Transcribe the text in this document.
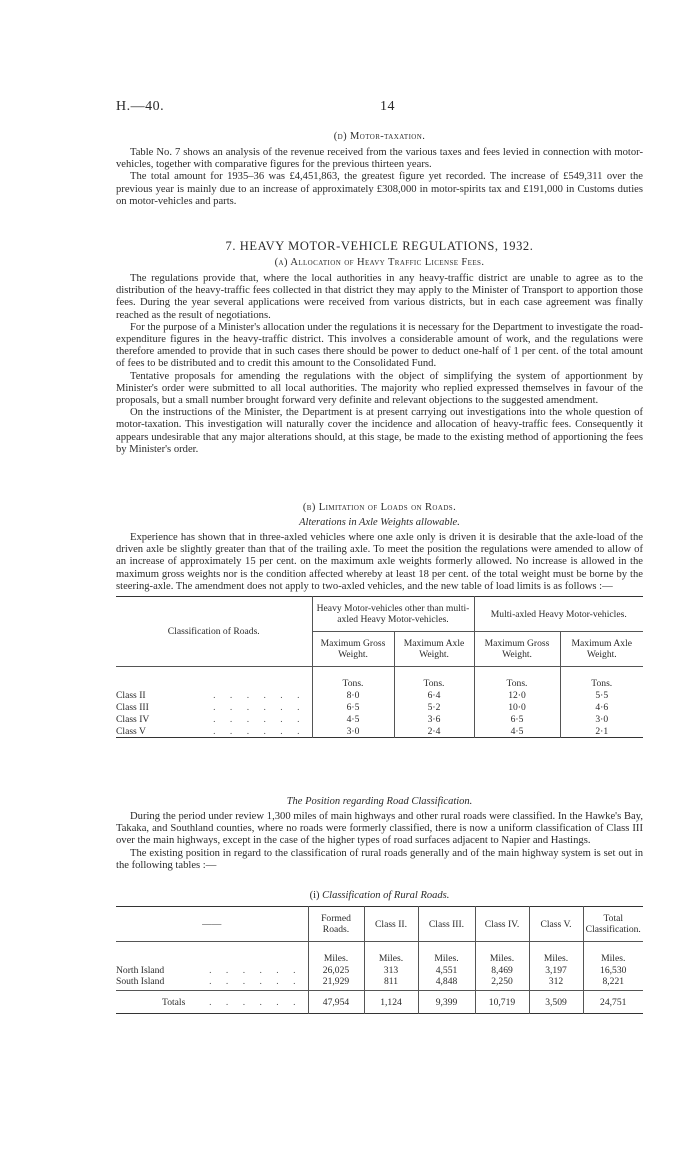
H.—40.	14
(d) Motor-taxation.

Table No. 7 shows an analysis of the revenue received from the various taxes and fees levied in connection with motor-vehicles, together with comparative figures for the previous thirteen years.

The total amount for 1935–36 was £4,451,863, the greatest figure yet recorded. The increase of £549,311 over the previous year is mainly due to an increase of approximately £308,000 in motor-spirits tax and £191,000 in Customs duties on motor-vehicles and parts.

7. HEAVY MOTOR-VEHICLE REGULATIONS, 1932.
(a) Allocation of Heavy Traffic License Fees.

The regulations provide that, where the local authorities in any heavy-traffic district are unable to agree as to the distribution of the heavy-traffic fees collected in that district they may apply to the Minister of Transport to apportion those fees. During the year several applications were received from various districts, but in each case agreement was finally reached as the result of negotiations.

For the purpose of a Minister's allocation under the regulations it is necessary for the Department to investigate the road-expenditure figures in the heavy-traffic district. This involves a considerable amount of work, and the regulations were therefore amended to provide that in such cases there should be power to deduct one-half of 1 per cent. of the total amount of fees to be distributed and to credit this amount to the Consolidated Fund.

Tentative proposals for amending the regulations with the object of simplifying the system of apportionment by Minister's order were submitted to all local authorities. The majority who replied expressed themselves in favour of the proposals, but a small number brought forward very definite and relevant objections to the suggested amendment.

On the instructions of the Minister, the Department is at present carrying out investigations into the whole question of motor-taxation. This investigation will naturally cover the incidence and allocation of heavy-traffic fees. Consequently it appears undesirable that any major alterations should, at this stage, be made to the existing method of apportioning the fees by Minister's order.

(b) Limitation of Loads on Roads.
Alterations in Axle Weights allowable.

Experience has shown that in three-axled vehicles where one axle only is driven it is desirable that the axle-load of the driven axle be slightly greater than that of the trailing axle. To meet the position the regulations were amended to allow of an increase of approximately 15 per cent. on the maximum axle weights formerly allowed. No increase is allowed in the maximum gross weights nor is the condition affected whereby at least 18 per cent. of the total weight must be borne by the steering-axle. The amendment does not apply to two-axled vehicles, and the new table of load limits is as follows :—

Classification of Roads.	Heavy Motor-vehicles other than multi-axled Heavy Motor-vehicles.		Multi-axled Heavy Motor-vehicles.	
	Maximum Gross Weight.	Maximum Axle Weight.	Maximum Gross Weight.	Maximum Axle Weight.
	Tons.	Tons.	Tons.	Tons.
Class II . . . . . .	8·0	6·4	12·0	5·5
Class III . . . . . .	6·5	5·2	10·0	4·6
Class IV . . . . . .	4·5	3·6	6·5	3·0
Class V . . . . . .	3·0	2·4	4·5	2·1

The Position regarding Road Classification.

During the period under review 1,300 miles of main highways and other rural roads were classified. In the Hawke's Bay, Takaka, and Southland counties, where no roads were formerly classified, there is now a uniform classification of Class III over the main highways, except in the case of the higher types of road surfaces adjacent to Napier and Hastings.

The existing position in regard to the classification of rural roads generally and of the main highway system is set out in the following tables :—

(i) Classification of Rural Roads.
——	Formed Roads.	Class II.	Class III.	Class IV.	Class V.	Total Classification.
	Miles.	Miles.	Miles.	Miles.	Miles.	Miles.
North Island . . . . . .	26,025	313	4,551	8,469	3,197	16,530
South Island . . . . . .	21,929	811	4,848	2,250	312	8,221
Totals . . . . . .	47,954	1,124	9,399	10,719	3,509	24,751
